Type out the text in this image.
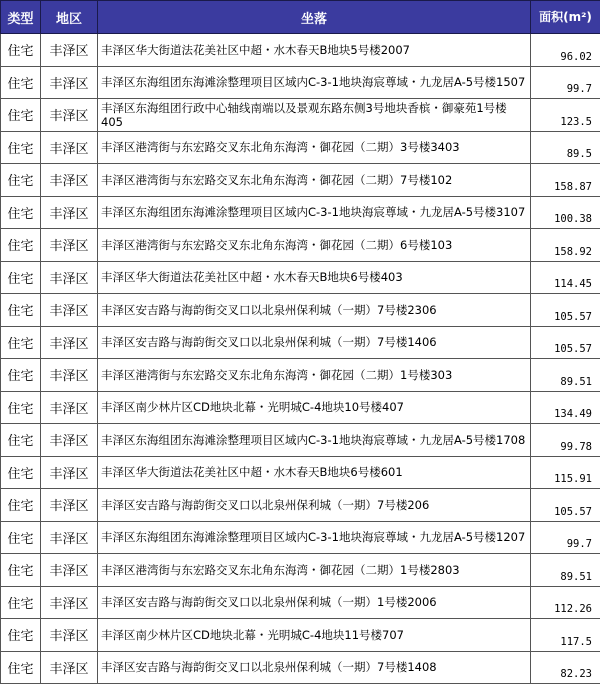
类型	地区	坐落	面积(m²)
住宅	丰泽区	丰泽区华大街道法花美社区中超・水木春天B地块5号楼2007	96.02
住宅	丰泽区	丰泽区东海组团东海滩涂整理项目区域内C-3-1地块海宸尊域・九龙居A-5号楼1507	99.7
住宅	丰泽区	丰泽区东海组团行政中心轴线南端以及景观东路东侧3号地块香槟・御豪苑1号楼405	123.5
住宅	丰泽区	丰泽区港湾街与东宏路交叉东北角东海湾・御花园（二期）3号楼3403	89.5
住宅	丰泽区	丰泽区港湾街与东宏路交叉东北角东海湾・御花园（二期）7号楼102	158.87
住宅	丰泽区	丰泽区东海组团东海滩涂整理项目区域内C-3-1地块海宸尊域・九龙居A-5号楼3107	100.38
住宅	丰泽区	丰泽区港湾街与东宏路交叉东北角东海湾・御花园（二期）6号楼103	158.92
住宅	丰泽区	丰泽区华大街道法花美社区中超・水木春天B地块6号楼403	114.45
住宅	丰泽区	丰泽区安吉路与海韵街交叉口以北泉州保利城（一期）7号楼2306	105.57
住宅	丰泽区	丰泽区安吉路与海韵街交叉口以北泉州保利城（一期）7号楼1406	105.57
住宅	丰泽区	丰泽区港湾街与东宏路交叉东北角东海湾・御花园（二期）1号楼303	89.51
住宅	丰泽区	丰泽区南少林片区CD地块北幕・光明城C-4地块10号楼407	134.49
住宅	丰泽区	丰泽区东海组团东海滩涂整理项目区域内C-3-1地块海宸尊域・九龙居A-5号楼1708	99.78
住宅	丰泽区	丰泽区华大街道法花美社区中超・水木春天B地块6号楼601	115.91
住宅	丰泽区	丰泽区安吉路与海韵街交叉口以北泉州保利城（一期）7号楼206	105.57
住宅	丰泽区	丰泽区东海组团东海滩涂整理项目区域内C-3-1地块海宸尊域・九龙居A-5号楼1207	99.7
住宅	丰泽区	丰泽区港湾街与东宏路交叉东北角东海湾・御花园（二期）1号楼2803	89.51
住宅	丰泽区	丰泽区安吉路与海韵街交叉口以北泉州保利城（一期）1号楼2006	112.26
住宅	丰泽区	丰泽区南少林片区CD地块北幕・光明城C-4地块11号楼707	117.5
住宅	丰泽区	丰泽区安吉路与海韵街交叉口以北泉州保利城（一期）7号楼1408	82.23
